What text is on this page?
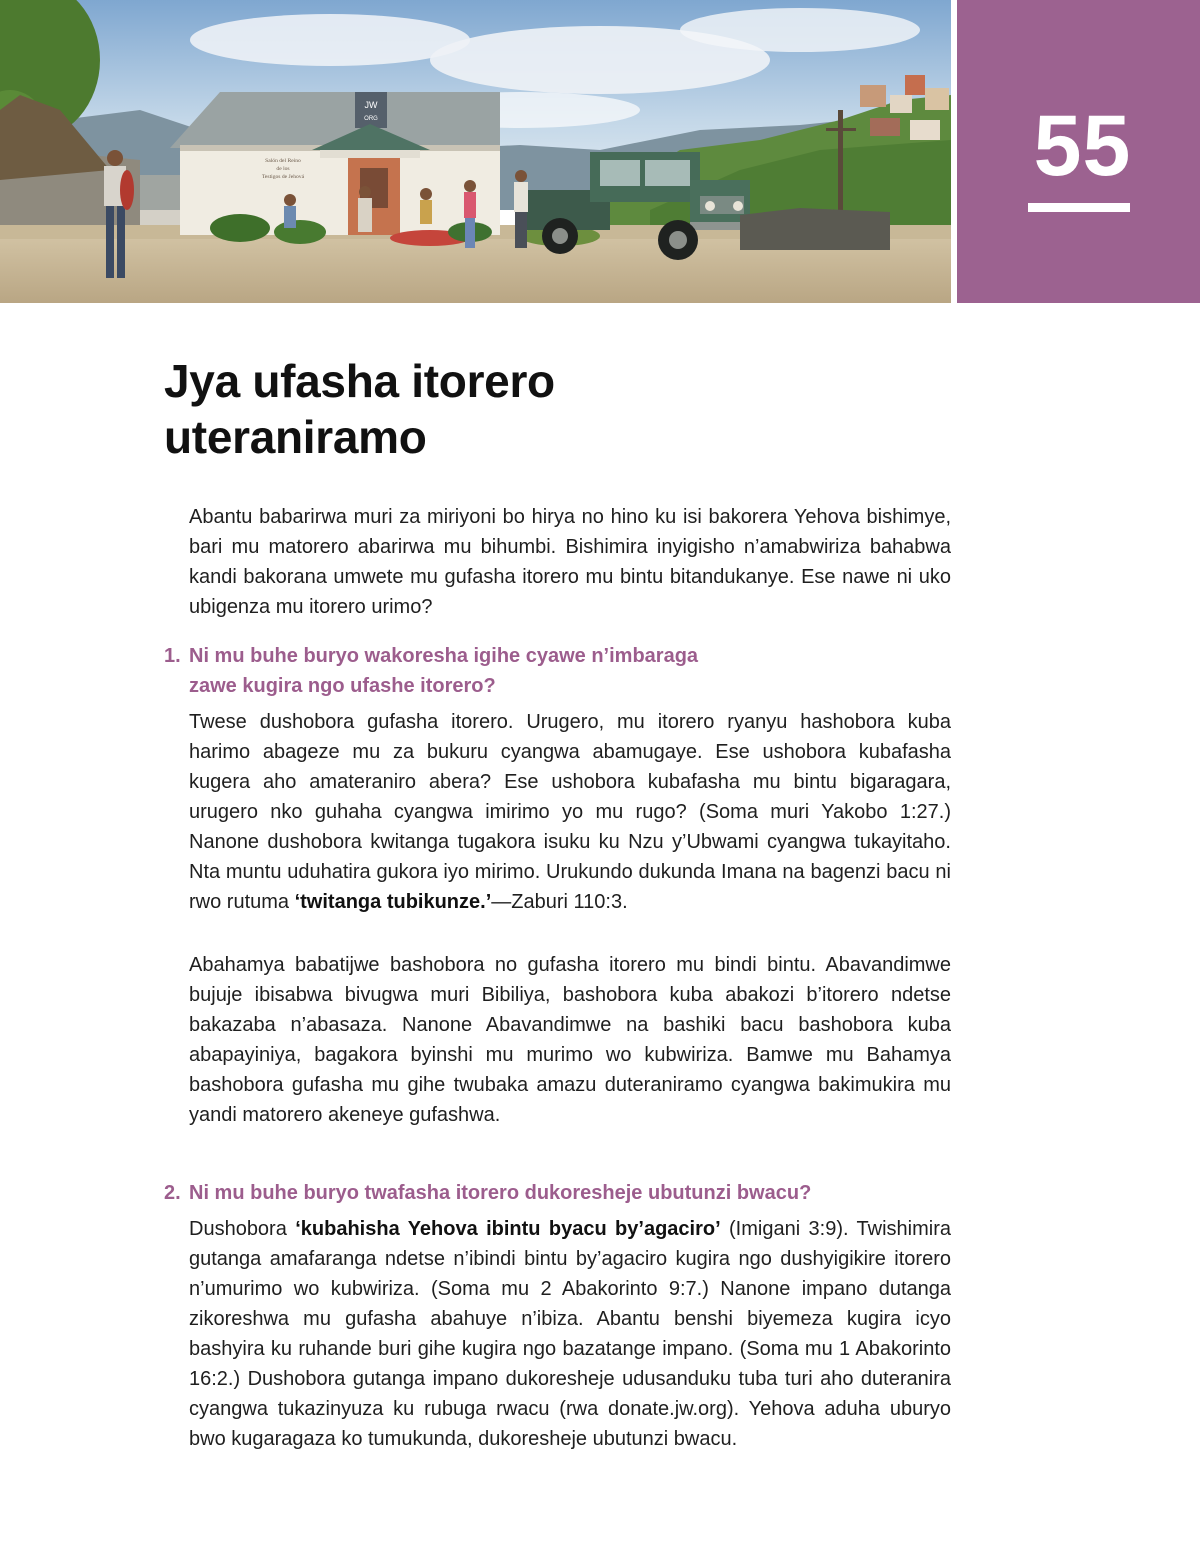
JW
ORG
Salón del Reino
de los
Testigos de Jehová	55
Jya ufasha itorero
uteraniramo

Abantu babarirwa muri za miriyoni bo hirya no hino ku isi bakorera Yehova bishimye, bari mu matorero abarirwa mu bihumbi. Bishimira inyigisho n’amabwiriza bahabwa kandi bakorana umwete mu gufasha itorero mu bintu bitandukanye. Ese nawe ni uko ubigenza mu itorero urimo?

1. Ni mu buhe buryo wakoresha igihe cyawe n’imbaraga
zawe kugira ngo ufashe itorero?

Twese dushobora gufasha itorero. Urugero, mu itorero ryanyu hashobora kuba harimo abageze mu za bukuru cyangwa abamugaye. Ese ushobora kubafasha kugera aho amateraniro abera? Ese ushobora kubafasha mu bintu bigaragara, urugero nko guhaha cyangwa imirimo yo mu rugo? (Soma muri Yakobo 1:27.) Nanone dushobora kwitanga tugakora isuku ku Nzu y’Ubwami cyangwa tukayitaho. Nta muntu uduhatira gukora iyo mirimo. Urukundo dukunda Imana na bagenzi bacu ni rwo rutuma ‘twitanga tubikunze.’—Zaburi 110:3.

Abahamya babatijwe bashobora no gufasha itorero mu bindi bintu. Abavandimwe bujuje ibisabwa bivugwa muri Bibiliya, bashobora kuba abakozi b’itorero ndetse bakazaba n’abasaza. Nanone Abavandimwe na bashiki bacu bashobora kuba abapayiniya, bagakora byinshi mu murimo wo kubwiriza. Bamwe mu Bahamya bashobora gufasha mu gihe twubaka amazu duteraniramo cyangwa bakimukira mu yandi matorero akeneye gufashwa.

2. Ni mu buhe buryo twafasha itorero dukoresheje ubutunzi bwacu?

Dushobora ‘kubahisha Yehova ibintu byacu by’agaciro’ (Imigani 3:9). Twishimira gutanga amafaranga ndetse n’ibindi bintu by’agaciro kugira ngo dushyigikire itorero n’umurimo wo kubwiriza. (Soma mu 2 Abakorinto 9:7.) Nanone impano dutanga zikoreshwa mu gufasha abahuye n’ibiza. Abantu benshi biyemeza kugira icyo bashyira ku ruhande buri gihe kugira ngo bazatange impano. (Soma mu 1 Abakorinto 16:2.) Dushobora gutanga impano dukoresheje udusanduku tuba turi aho duteranira cyangwa tukazinyuza ku rubuga rwacu (rwa donate.jw.org). Yehova aduha uburyo bwo kugaragaza ko tumukunda, dukoresheje ubutunzi bwacu.
